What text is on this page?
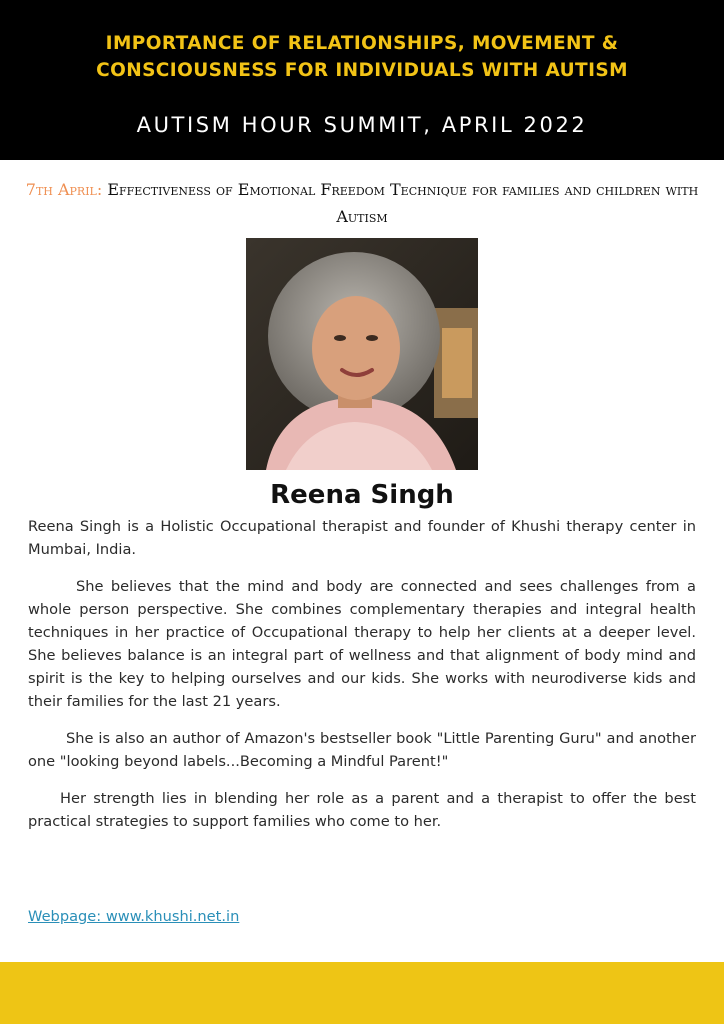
IMPORTANCE OF RELATIONSHIPS, MOVEMENT &
CONSCIOUSNESS FOR INDIVIDUALS WITH AUTISM
AUTISM HOUR SUMMIT, APRIL 2022
7th April: Effectiveness of Emotional Freedom Technique for families and children with Autism
Reena Singh

Reena Singh is a Holistic Occupational therapist and founder of Khushi therapy center in Mumbai, India.

She believes that the mind and body are connected and sees challenges from a whole person perspective. She combines complementary therapies and integral health techniques in her practice of Occupational therapy to help her clients at a deeper level. She believes balance is an integral part of wellness and that alignment of body mind and spirit is the key to helping ourselves and our kids. She works with neurodiverse kids and their families for the last 21 years.

She is also an author of Amazon's bestseller book "Little Parenting Guru" and another one "looking beyond labels...Becoming a Mindful Parent!"

Her strength lies in blending her role as a parent and a therapist to offer the best practical strategies to support families who come to her.

Webpage: www.khushi.net.in
